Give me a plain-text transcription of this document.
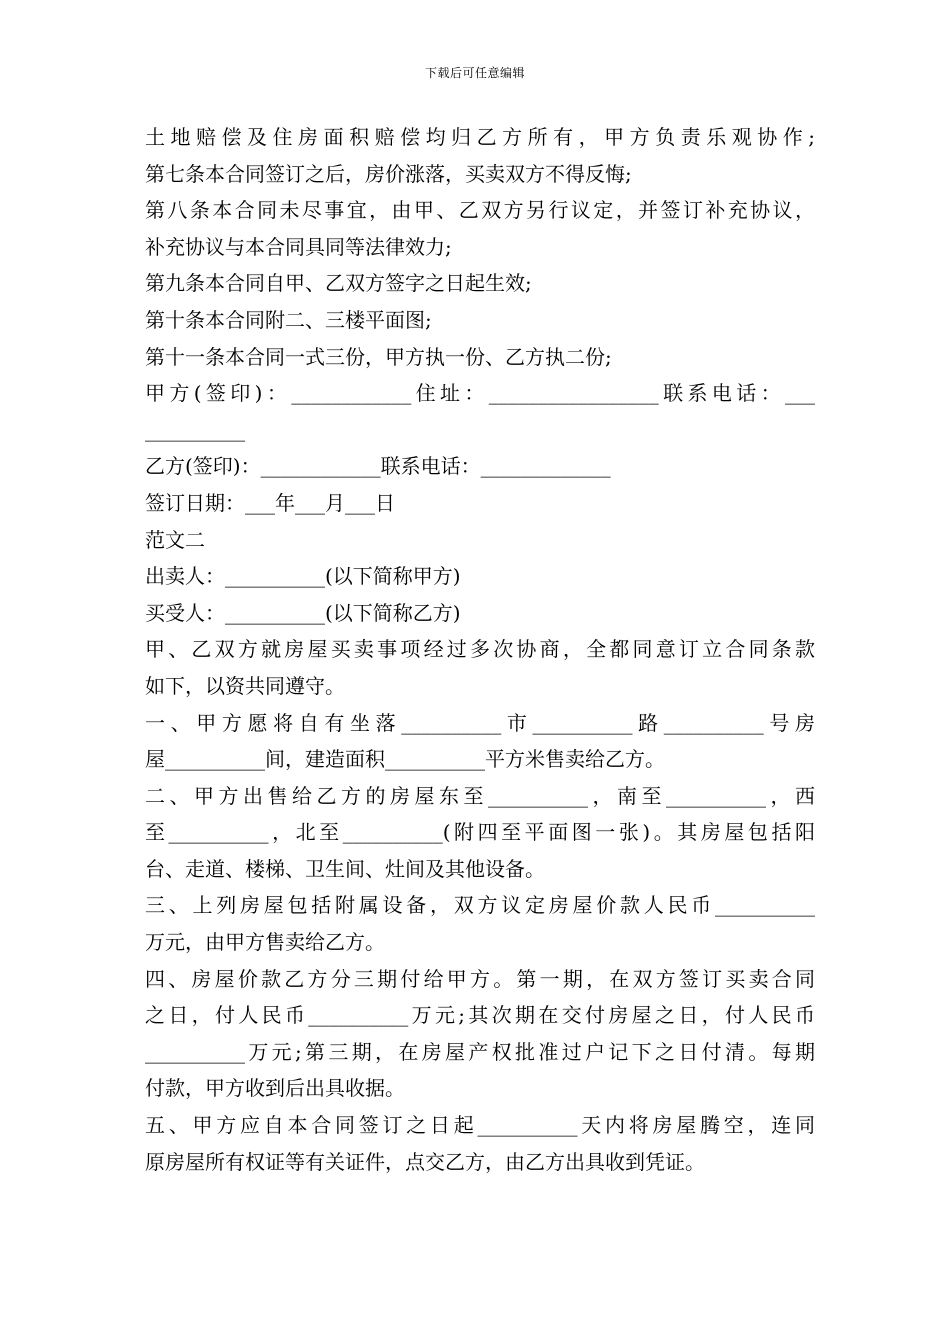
下载后可任意编辑
土地赔偿及住房面积赔偿均归乙方所有，甲方负责乐观协作;
第七条本合同签订之后，房价涨落，买卖双方不得反悔;
第八条本合同未尽事宜，由甲、乙双方另行议定，并签订补充协议，
补充协议与本合同具同等法律效力;
第九条本合同自甲、乙双方签字之日起生效;
第十条本合同附二、三楼平面图;
第十一条本合同一式三份，甲方执一份、乙方执二份;
甲方(签印)：____________住址：_________________联系电话：___
__________
乙方(签印)：____________联系电话：_____________
签订日期：___年___月___日
范文二
出卖人：__________(以下简称甲方)
买受人：__________(以下简称乙方)
甲、乙双方就房屋买卖事项经过多次协商，全都同意订立合同条款
如下，以资共同遵守。
一、甲方愿将自有坐落__________市__________路__________号房
屋__________间，建造面积__________平方米售卖给乙方。
二、甲方出售给乙方的房屋东至__________，南至__________，西
至__________，北至__________(附四至平面图一张)。其房屋包括阳
台、走道、楼梯、卫生间、灶间及其他设备。
三、上列房屋包括附属设备，双方议定房屋价款人民币__________
万元，由甲方售卖给乙方。
四、房屋价款乙方分三期付给甲方。第一期，在双方签订买卖合同
之日，付人民币__________万元;其次期在交付房屋之日，付人民币
__________万元;第三期，在房屋产权批准过户记下之日付清。每期
付款，甲方收到后出具收据。
五、甲方应自本合同签订之日起__________天内将房屋腾空，连同
原房屋所有权证等有关证件，点交乙方，由乙方出具收到凭证。
